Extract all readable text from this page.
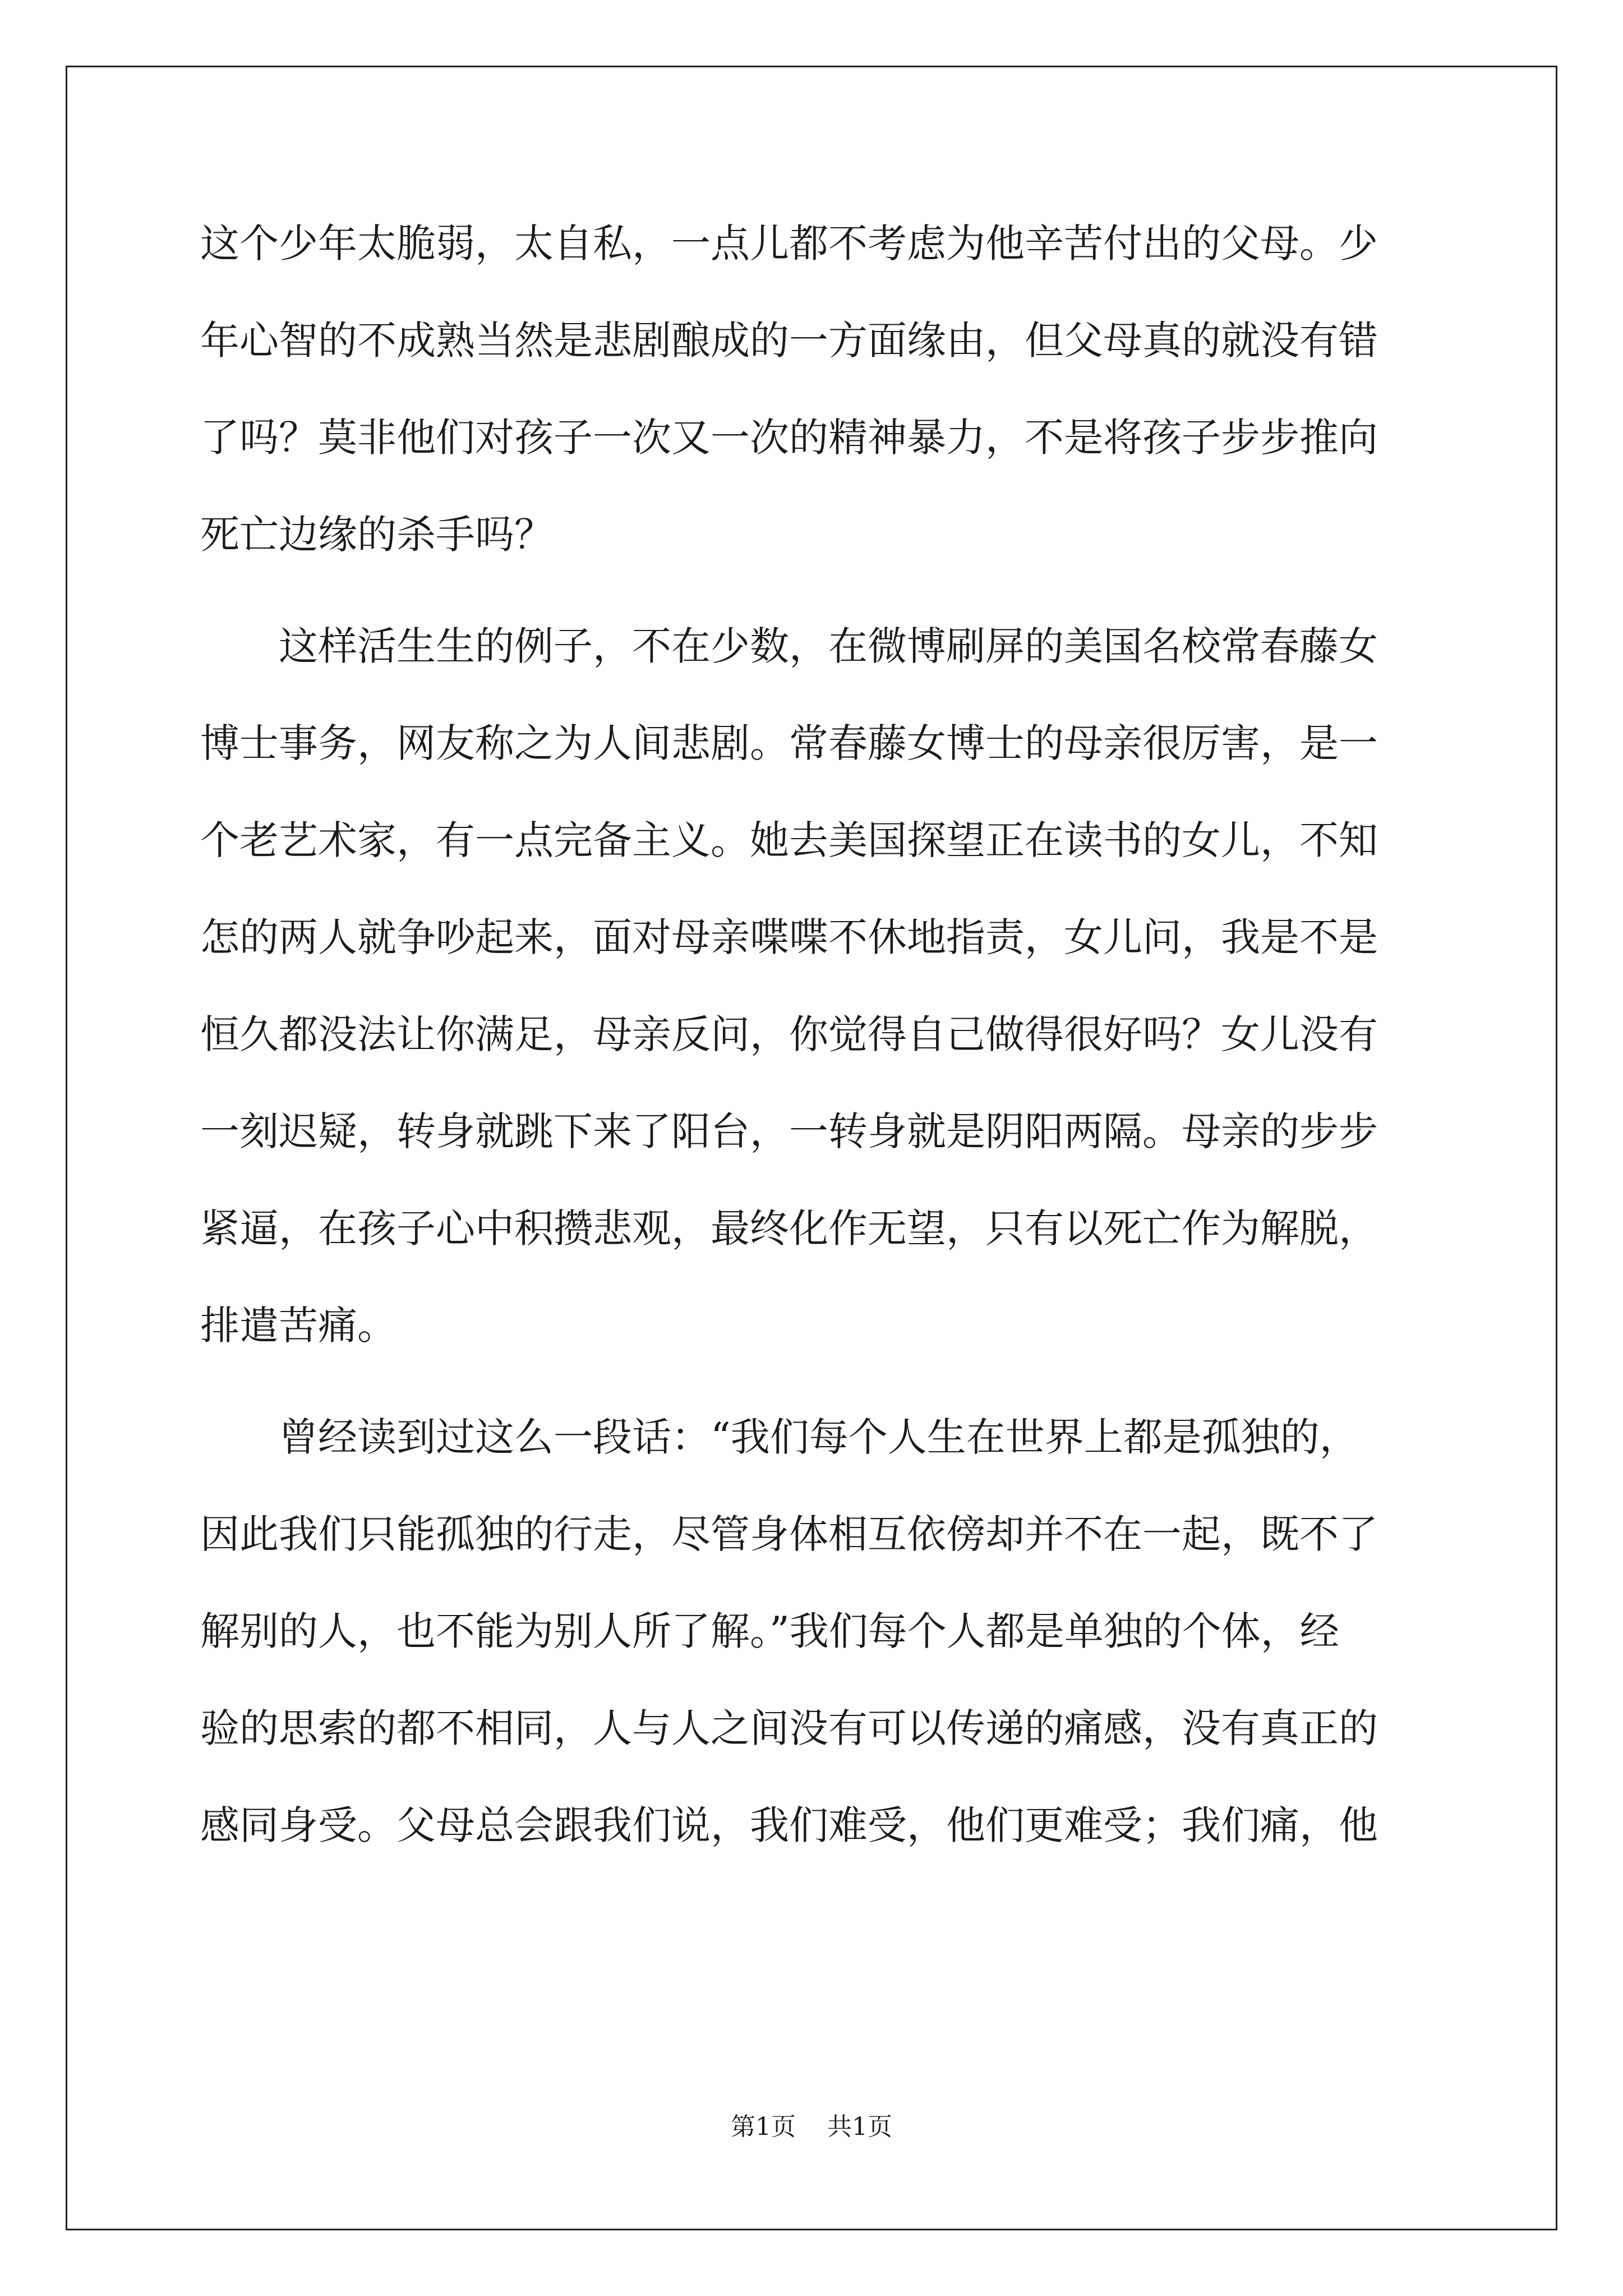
这个少年太脆弱，太自私，一点儿都不考虑为他辛苦付出的父母。少
年心智的不成熟当然是悲剧酿成的一方面缘由，但父母真的就没有错
了吗？莫非他们对孩子一次又一次的精神暴力，不是将孩子步步推向
死亡边缘的杀手吗？
　　这样活生生的例子，不在少数，在微博刷屏的美国名校常春藤女
博士事务，网友称之为人间悲剧。常春藤女博士的母亲很厉害，是一
个老艺术家，有一点完备主义。她去美国探望正在读书的女儿，不知
怎的两人就争吵起来，面对母亲喋喋不休地指责，女儿问，我是不是
恒久都没法让你满足，母亲反问，你觉得自己做得很好吗？女儿没有
一刻迟疑，转身就跳下来了阳台，一转身就是阴阳两隔。母亲的步步
紧逼，在孩子心中积攒悲观，最终化作无望，只有以死亡作为解脱，
排遣苦痛。
　　曾经读到过这么一段话：“我们每个人生在世界上都是孤独的，
因此我们只能孤独的行走，尽管身体相互依傍却并不在一起，既不了
解别的人，也不能为别人所了解。”我们每个人都是单独的个体，经
验的思索的都不相同，人与人之间没有可以传递的痛感，没有真正的
感同身受。父母总会跟我们说，我们难受，他们更难受；我们痛，他
第1页    共1页
